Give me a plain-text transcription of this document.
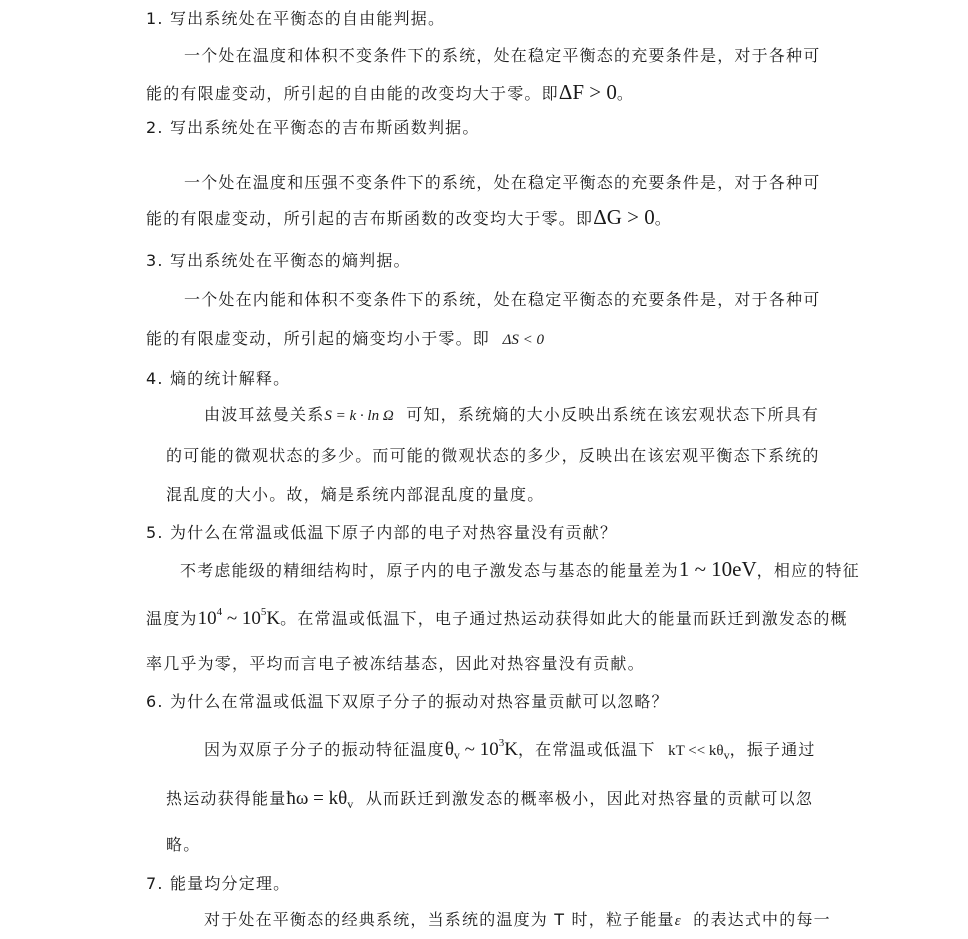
1. 写出系统处在平衡态的自由能判据。
一个处在温度和体积不变条件下的系统，处在稳定平衡态的充要条件是，对于各种可
能的有限虚变动，所引起的自由能的改变均大于零。即ΔF > 0。
2. 写出系统处在平衡态的吉布斯函数判据。
一个处在温度和压强不变条件下的系统，处在稳定平衡态的充要条件是，对于各种可
能的有限虚变动，所引起的吉布斯函数的改变均大于零。即ΔG > 0。
3. 写出系统处在平衡态的熵判据。
一个处在内能和体积不变条件下的系统，处在稳定平衡态的充要条件是，对于各种可
能的有限虚变动，所引起的熵变均小于零。即 ΔS < 0
4. 熵的统计解释。
由波耳兹曼关系S = k · ln Ω 可知，系统熵的大小反映出系统在该宏观状态下所具有
的可能的微观状态的多少。而可能的微观状态的多少，反映出在该宏观平衡态下系统的
混乱度的大小。故，熵是系统内部混乱度的量度。
5. 为什么在常温或低温下原子内部的电子对热容量没有贡献？
不考虑能级的精细结构时，原子内的电子激发态与基态的能量差为1 ~ 10eV，相应的特征
温度为$10^4$ ~ $10^5K$。在常温或低温下，电子通过热运动获得如此大的能量而跃迁到激发态的概
率几乎为零，平均而言电子被冻结基态，因此对热容量没有贡献。
6. 为什么在常温或低温下双原子分子的振动对热容量贡献可以忽略？
因为双原子分子的振动特征温度$\theta_v$ ~ $10^3K$，在常温或低温下 kT << $k\theta_v$，振子通过
热运动获得能量ħω = $k\theta_v$ 从而跃迁到激发态的概率极小，因此对热容量的贡献可以忽
略。
7. 能量均分定理。
对于处在平衡态的经典系统，当系统的温度为 T 时，粒子能量ε 的表达式中的每一
